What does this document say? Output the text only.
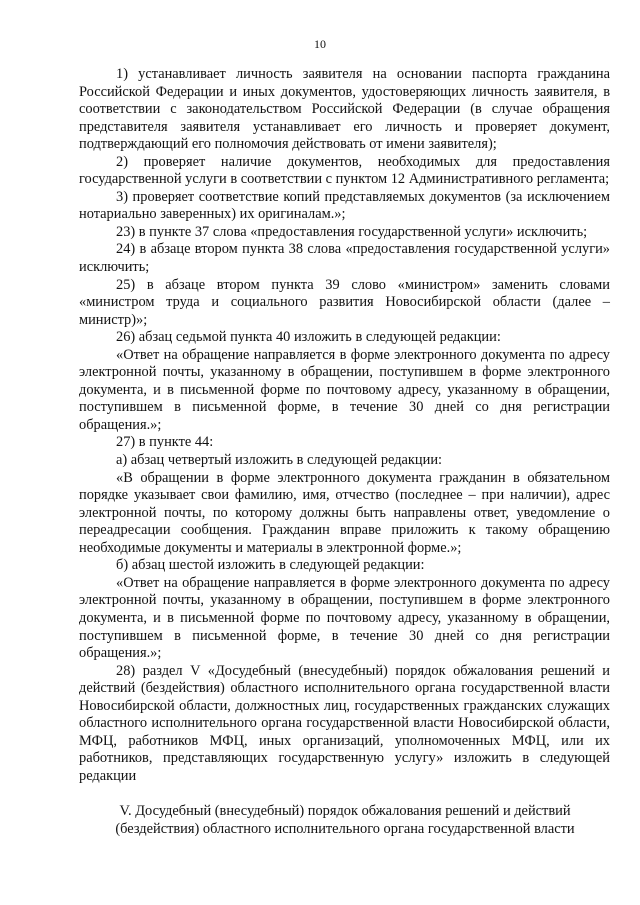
10

1) устанавливает личность заявителя на основании паспорта гражданина Российской Федерации и иных документов, удостоверяющих личность заявителя, в соответствии с законодательством Российской Федерации (в случае обращения представителя заявителя устанавливает его личность и проверяет документ, подтверждающий его полномочия действовать от имени заявителя);

2) проверяет наличие документов, необходимых для предоставления государственной услуги в соответствии с пунктом 12 Административного регламента;

3) проверяет соответствие копий представляемых документов (за исключением нотариально заверенных) их оригиналам.»;

23) в пункте 37 слова «предоставления государственной услуги» исключить;

24) в абзаце втором пункта 38 слова «предоставления государственной услуги» исключить;

25) в абзаце втором пункта 39 слово «министром» заменить словами «министром труда и социального развития Новосибирской области (далее – министр)»;

26) абзац седьмой пункта 40 изложить в следующей редакции:

«Ответ на обращение направляется в форме электронного документа по адресу электронной почты, указанному в обращении, поступившем в форме электронного документа, и в письменной форме по почтовому адресу, указанному в обращении, поступившем в письменной форме, в течение 30 дней со дня регистрации обращения.»;

27) в пункте 44:

а) абзац четвертый изложить в следующей редакции:

«В обращении в форме электронного документа гражданин в обязательном порядке указывает свои фамилию, имя, отчество (последнее – при наличии), адрес электронной почты, по которому должны быть направлены ответ, уведомление о переадресации сообщения. Гражданин вправе приложить к такому обращению необходимые документы и материалы в электронной форме.»;

б) абзац шестой изложить в следующей редакции:

«Ответ на обращение направляется в форме электронного документа по адресу электронной почты, указанному в обращении, поступившем в форме электронного документа, и в письменной форме по почтовому адресу, указанному в обращении, поступившем в письменной форме, в течение 30 дней со дня регистрации обращения.»;

28) раздел V «Досудебный (внесудебный) порядок обжалования решений и действий (бездействия) областного исполнительного органа государственной власти Новосибирской области, должностных лиц, государственных гражданских служащих областного исполнительного органа государственной власти Новосибирской области, МФЦ, работников МФЦ, иных организаций, уполномоченных МФЦ, или их работников, представляющих государственную услугу» изложить в следующей редакции

V. Досудебный (внесудебный) порядок обжалования решений и действий
(бездействия) областного исполнительного органа государственной власти
